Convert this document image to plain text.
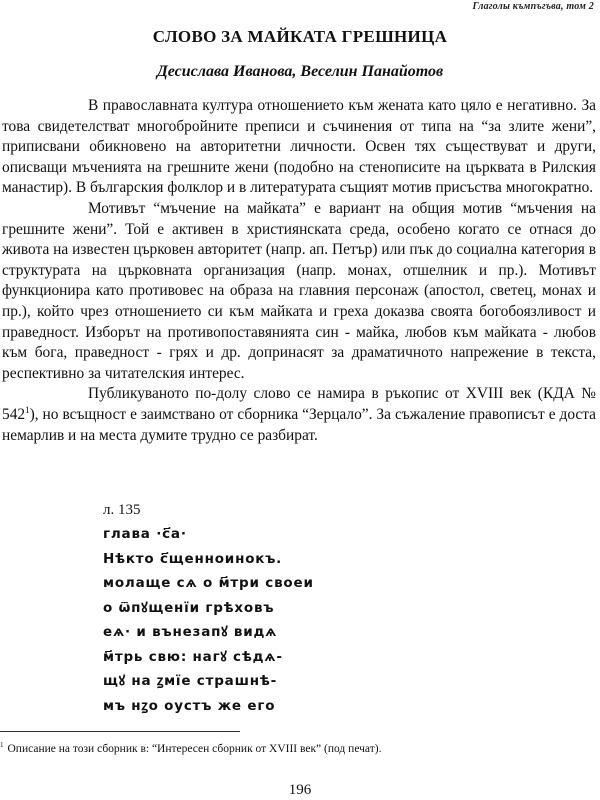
Глаголы къмпъгъва, том 2
СЛОВО ЗА МАЙКАТА ГРЕШНИЦА
Десислава Иванова, Веселин Панайотов

В православната култура отношението към жената като цяло е негативно. За това свидетелстват многобройните преписи и съчинения от типа на “за злите жени”, приписвани обикновено на авторитетни личности. Освен тях съществуват и други, описващи мъченията на грешните жени (подобно на стенописите на църквата в Рилския манастир). В българския фолклор и в литературата същият мотив присъства многократно.

Мотивът “мъчение на майката” е вариант на общия мотив “мъчения на грешните жени”. Той е активен в християнската среда, особено когато се отнася до живота на известен църковен авторитет (напр. ап. Петър) или пък до социална категория в структурата на църковната организация (напр. монах, отшелник и пр.). Мотивът функционира като противовес на образа на главния персонаж (апостол, светец, монах и пр.), който чрез отношението си към майката и греха доказва своята богобоязливост и праведност. Изборът на противопоставянията син - майка, любов към майката - любов към бога, праведност - грях и др. допринасят за драматичното напрежение в текста, респективно за читателския интерес.

Публикуваното по-долу слово се намира в ръкопис от XVIII век (КДА № $542^1$), но всъщност е заимствано от сборника “Зерцало”. За съжаление правописът е доста немарлив и на места думите трудно се разбират.

л. 135
глава ·с҃а·
Нѣкто с҃щенноинокъ.
молаще сѧ о м҃три своеи
о ѿпꙋщенїи грѣховъ
еѧ· и вънезапꙋ видѧ
м҃трь свю: нагꙋ сѣдѧ-
щꙋ на ꙁмїе страшнѣ-
мъ нꙁо оустъ же его
$^1$ Описание на този сборник в: “Интересен сборник от XVIII век” (под печат).
196
